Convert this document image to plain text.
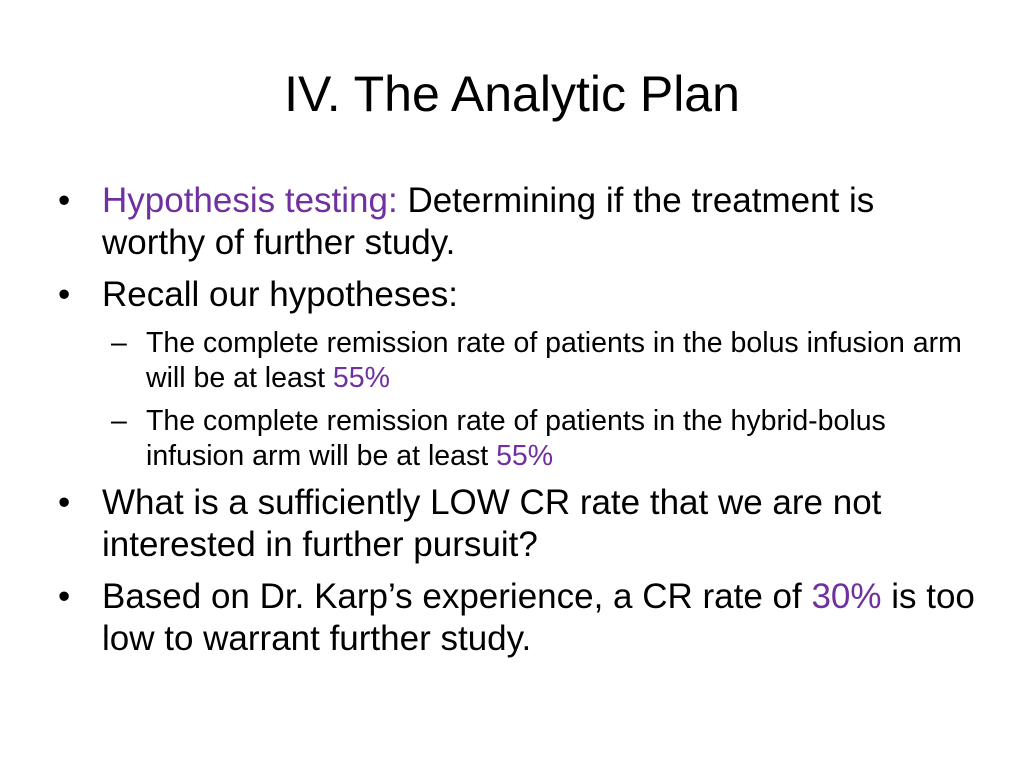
IV. The Analytic Plan
• Hypothesis testing: Determining if the treatment is worthy of further study.
• Recall our hypotheses:
– The complete remission rate of patients in the bolus infusion arm will be at least 55%
– The complete remission rate of patients in the hybrid-bolus infusion arm will be at least 55%
• What is a sufficiently LOW CR rate that we are not interested in further pursuit?
• Based on Dr. Karp’s experience, a CR rate of 30% is too low to warrant further study.
